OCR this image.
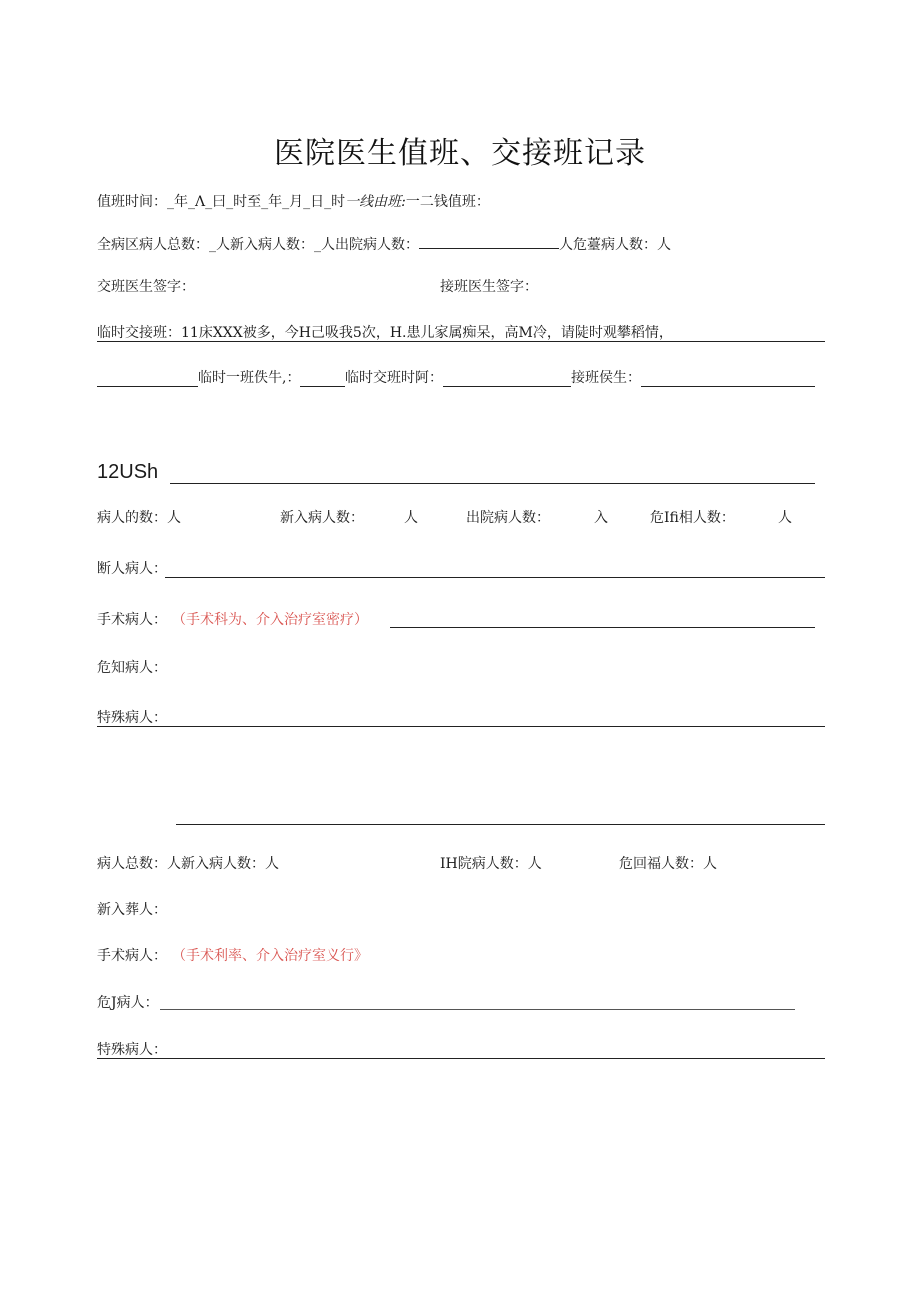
医院医生值班、交接班记录
值班时间：_年_Λ_曰_时至_年_月_日_时一线由班:一二钱值班：
全病区病人总数：_人新入病人数：_人出院病人数：	人危薹病人数：人
交班医生签字：	接班医生签字：
临时交接班：11床XXX被多，今H己吸我5次，H.患儿家属痴呆，高M冷，请陡时观攀稻情，
临时一班佚牛,：	临时交班时阿：	接班侯生：
12USh
病人的数：人	新入病人数：	人	出院病人数：	入	危Ifi相人数：	人
断人病人：
手术病人： （手术科为、介入治疗室密疗）
危知病人：
特殊病人：
病人总数：人新入病人数：人	IH院病人数：人	危回福人数：人
新入葬人：
手术病人： （手术利率、介入治疗室义行》
危J病人：
特殊病人：
